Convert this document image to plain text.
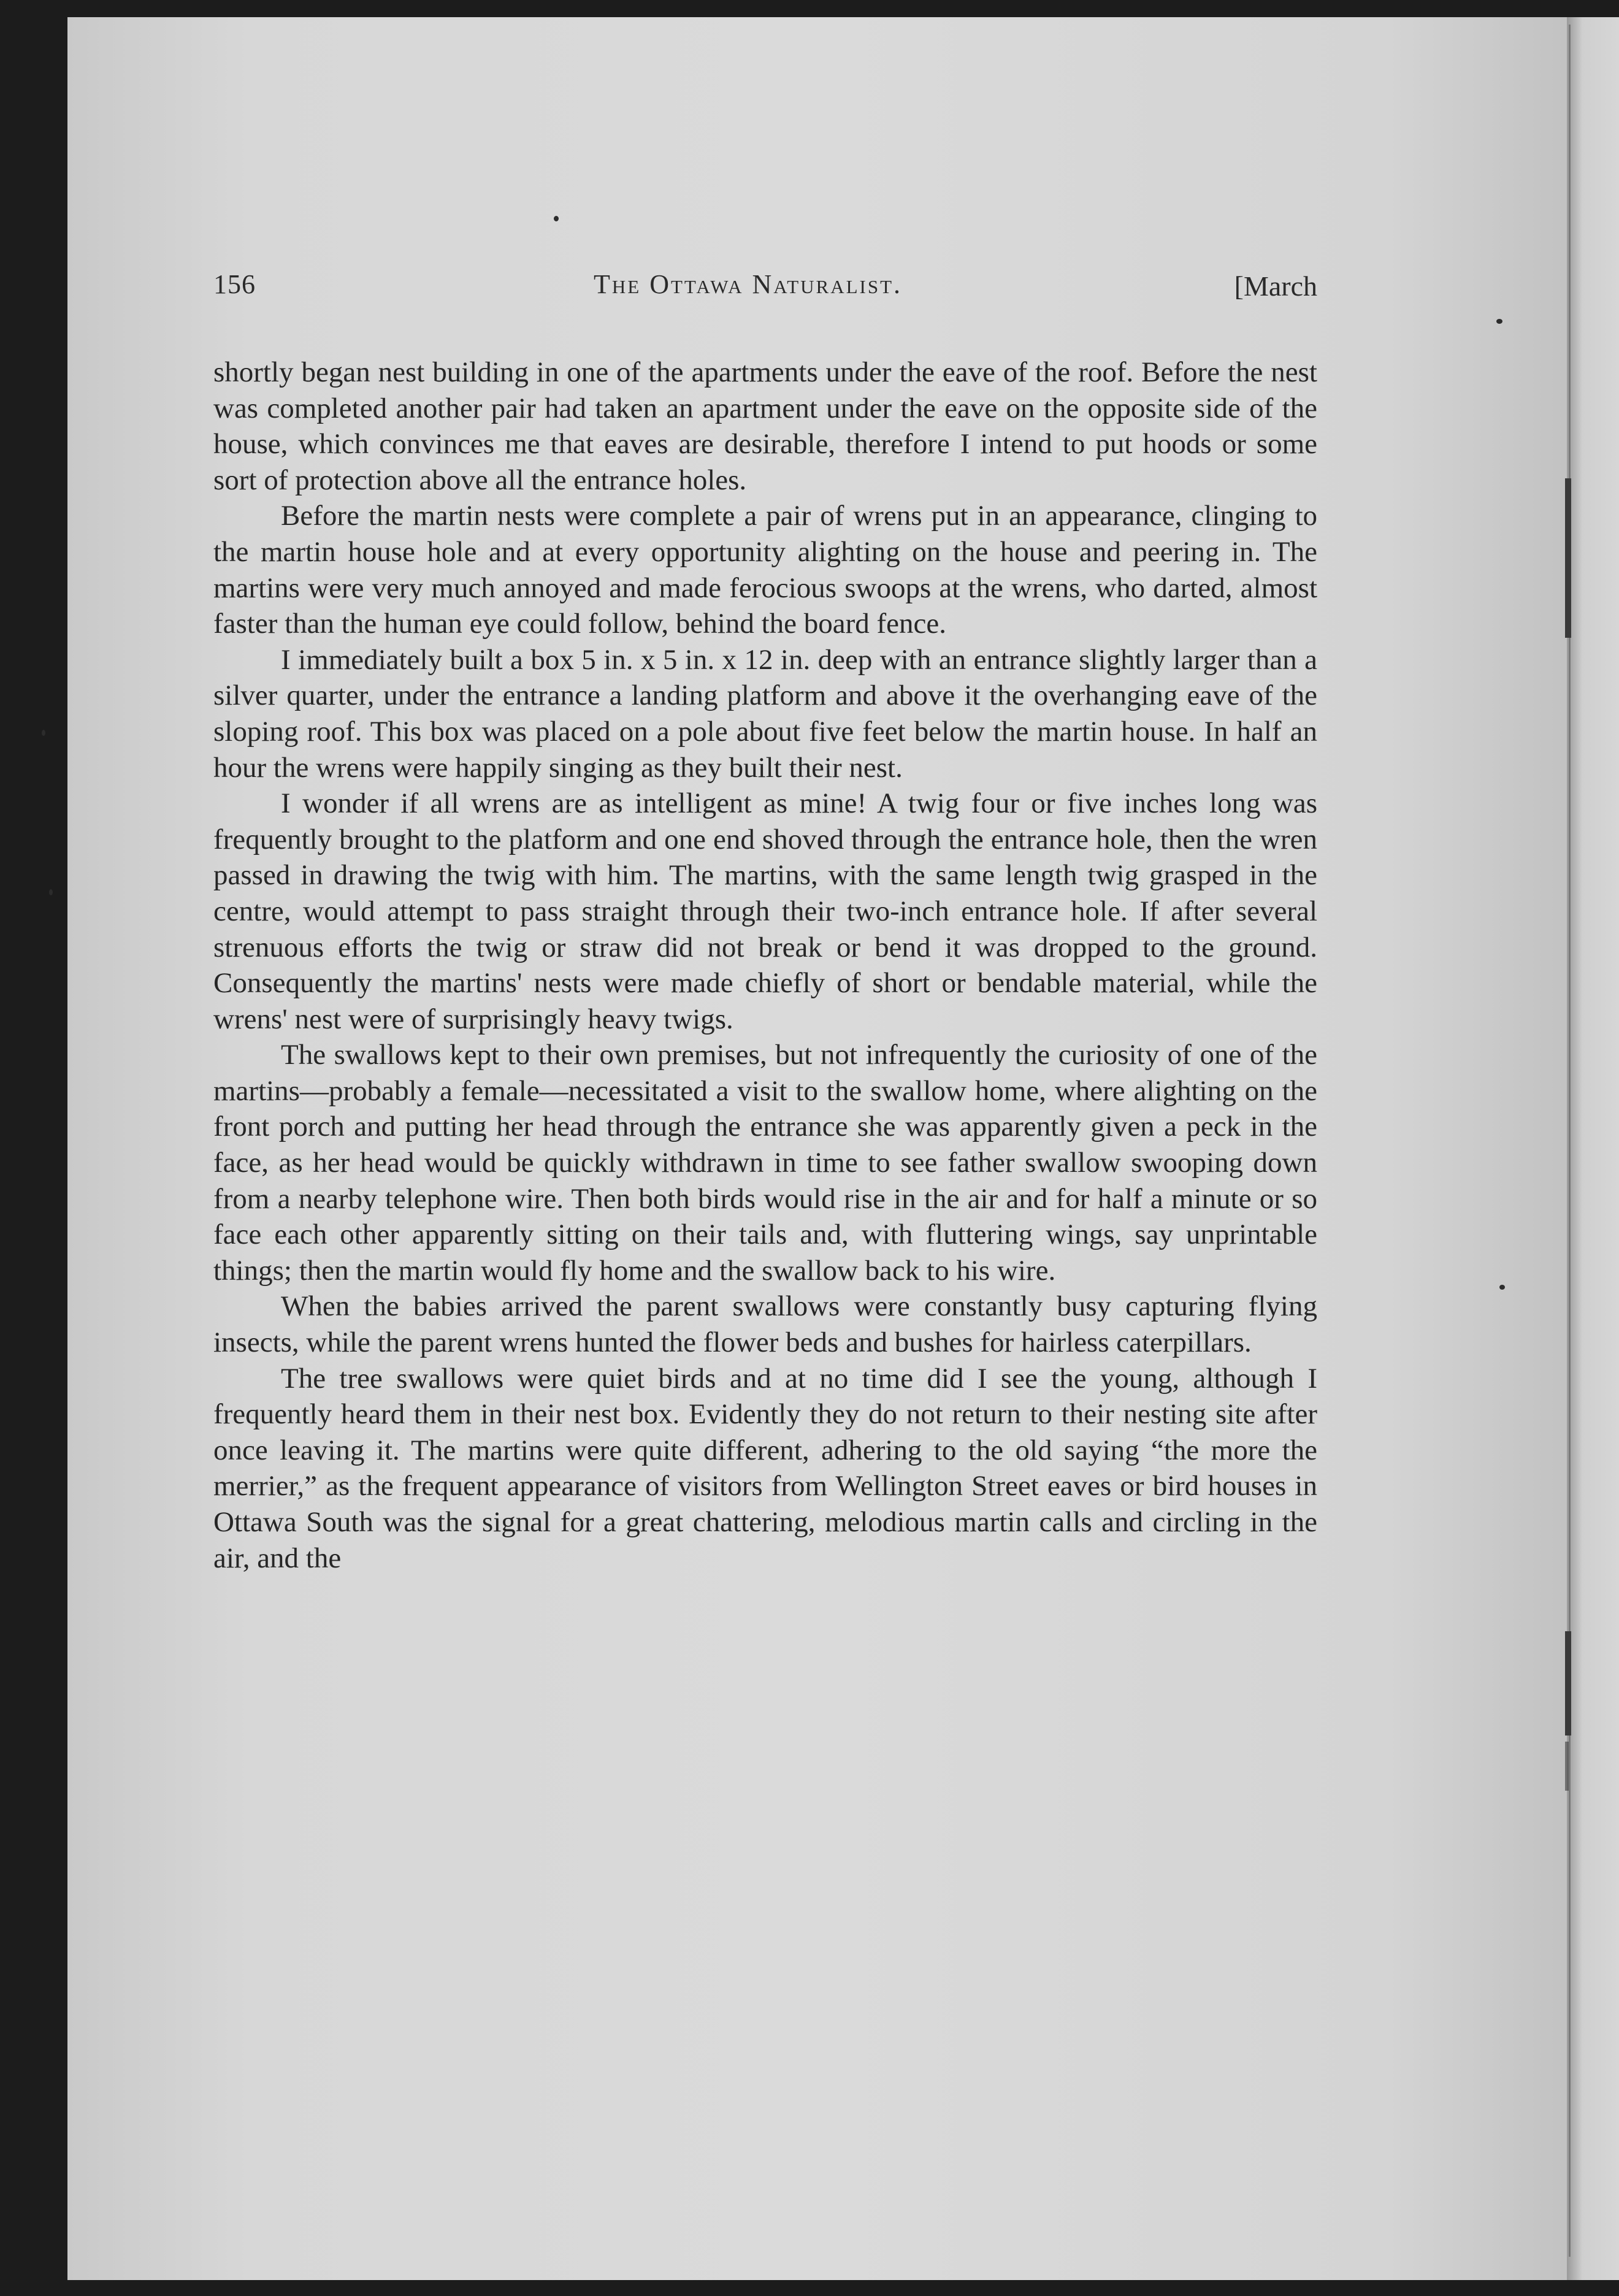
156	The Ottawa Naturalist.	[March

shortly began nest building in one of the apartments under the eave of the roof. Before the nest was completed another pair had taken an apartment under the eave on the opposite side of the house, which convinces me that eaves are desirable, therefore I intend to put hoods or some sort of protection above all the entrance holes.

Before the martin nests were complete a pair of wrens put in an appearance, clinging to the martin house hole and at every opportunity alighting on the house and peering in. The martins were very much annoyed and made ferocious swoops at the wrens, who darted, almost faster than the human eye could follow, behind the board fence.

I immediately built a box 5 in. x 5 in. x 12 in. deep with an entrance slightly larger than a silver quarter, under the entrance a landing platform and above it the overhanging eave of the sloping roof. This box was placed on a pole about five feet below the martin house. In half an hour the wrens were happily singing as they built their nest.

I wonder if all wrens are as intelligent as mine! A twig four or five inches long was frequently brought to the platform and one end shoved through the entrance hole, then the wren passed in drawing the twig with him. The martins, with the same length twig grasped in the centre, would attempt to pass straight through their two-inch entrance hole. If after several strenuous efforts the twig or straw did not break or bend it was dropped to the ground. Consequently the martins' nests were made chiefly of short or bendable material, while the wrens' nest were of surprisingly heavy twigs.

The swallows kept to their own premises, but not infrequently the curiosity of one of the martins—probably a female—necessitated a visit to the swallow home, where alighting on the front porch and putting her head through the entrance she was apparently given a peck in the face, as her head would be quickly withdrawn in time to see father swallow swooping down from a nearby telephone wire. Then both birds would rise in the air and for half a minute or so face each other apparently sitting on their tails and, with fluttering wings, say unprintable things; then the martin would fly home and the swallow back to his wire.

When the babies arrived the parent swallows were constantly busy capturing flying insects, while the parent wrens hunted the flower beds and bushes for hairless caterpillars.

The tree swallows were quiet birds and at no time did I see the young, although I frequently heard them in their nest box. Evidently they do not return to their nesting site after once leaving it. The martins were quite different, adhering to the old saying “the more the merrier,” as the frequent appearance of visitors from Wellington Street eaves or bird houses in Ottawa South was the signal for a great chattering, melodious martin calls and circling in the air, and the
